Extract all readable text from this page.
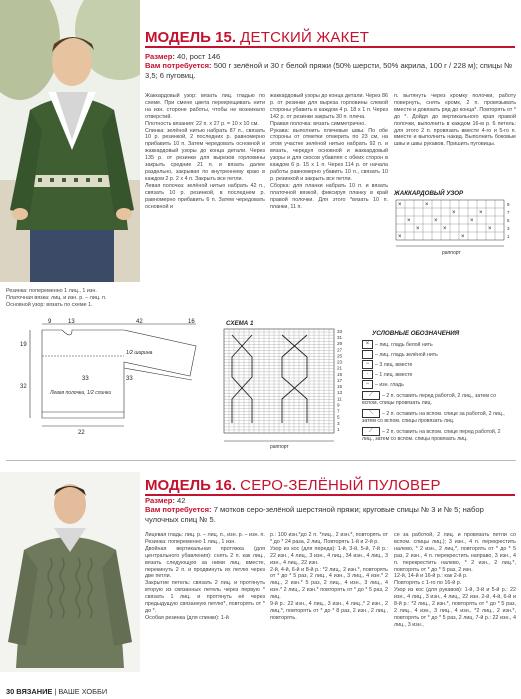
МОДЕЛЬ 15. ДЕТСКИЙ ЖАКЕТ
Размер: 40, рост 146
Вам потребуется: 500 г зелёной и 30 г белой пряжи (50% шерсти, 50% акрила, 100 г / 228 м); спицы № 3,5; 6 пуговиц.
Жаккардовый узор: вязать лиц. гладью по схеме. При смене цвета перекрещивать нити на изн. стороне работы, чтобы не возникало отверстий.
Плотность вязания: 22 п. х 27 р. = 10 х 10 см.
Спинка: зелёной нитью набрать 87 п., связать 10 р. резинкой, 2 последних р. равномерно прибавить 10 п. Затем чередовать основной и жаккардовый узоры до конца детали. Через 135 р. от резинки для вырезов горловины закрыть средние 21 п. и вязать далее раздельно, закрывая по внутреннему краю в каждом 2 р. 2 х 4 п. Закрыть все петли.
Левая полочка: зелёной нитью набрать 42 п., связать 10 р. резинкой, в последнем р. равномерно прибавить 6 п. Затем чередовать основной и
жаккардовый узоры до конца детали. Через 86 р. от резинки для выреза горловины слевой стороны убавить в каждом 4 р. 18 х 1 п. Через 142 р. от резинки закрыть 30 п. плеча.
Правая полочка: вязать симметрично.
Рукава: выполнить плечевые швы. По обе стороны от отметки отмерить по 23 см, на этом участке зелёной нитью набрать 92 п. и вязать, чередуя основной и жаккардовый узоры и для скосов убавляя с обеих сторон в каждом 6 р. 15 х 1 п. Через 114 р. от начала работы равномерно убавить 10 п., связать 10 р. резинкой и закрыть все петли.
Сборка: для планки набрать 10 п. и вязать платочной вязкой, фиксируя планку в край правой полочки. Для этого *вязать 10 п. планки, 11 п.
п. вытянуть через кромку полочки, работу повернуть, снять кромк, 2 п. провязывать вместе и довязать ряд до конца*. Повторять от * до *. Дойдя до вертикального края правой полочки, выполнить в каждом 16-м р. 6 петель: для этого 2 п. провязать вместе 4-го и 5-го п. вместе и выполнить накид. Выполнить боковые швы и швы рукавов. Пришить пуговицы.
Резинка: попеременно 1 лиц., 1 изн.
Платочная вязка: лиц. и изн. р. – лиц. п.
Основной узор: вязать по схеме 1.
ЖАККАРДОВЫЙ УЗОР
×	×
×	×
×	×	×
×	×	×
×	×
9
7
5
3
1
раппорт
9	13	42	16
19
32
1/2 ширина
33
33
22
Левая полочка, 1/2 спинки
СХЕМА 1
33
31
29
27
25
23
21
19
17
15
13
11
9
7
5
3
1
раппорт
УСЛОВНЫЕ ОБОЗНАЧЕНИЯ
× – лиц. гладь белой нить
– лиц. гладь зелёной нить
− – 3 лиц. вместе
· – 1 лиц. вместе
− – изн. гладь
⟋ – 2 п. оставить перед работой, 2 лиц., затем со вспом. спицы провязать лиц.
⟍ – 2 п. оставить на вспом. спице за работой, 2 лиц., затем со вспом. спицы провязать лиц.
⟋ – 2 п. оставить на вспом. спице перед работой, 2 лиц., затем со вспом. спицы провязать лиц.
МОДЕЛЬ 16. СЕРО-ЗЕЛЁНЫЙ ПУЛОВЕР
Размер: 42
Вам потребуется: 7 мотков серо-зелёной шерстяной пряжи; круговые спицы № 3 и № 5; набор чулочных спиц № 5.
Лицевая гладь: лиц. р. – лиц. п., изн. р. – изн. п.
Резинка: попеременно 1 лиц., 1 изн.
Двойная вертикальная протяжка (для центрального убавления): снять 2 п. как лиц., вязать следующую за ними лиц. вместе, перекинуть 2 п. и продвинуть их петлю через две петли.
Закрытие петель: связать 2 лиц. и протянуть вторую из связанных петель через первую * связать 1 лиц. и протянуть её через предыдущую связанную петлю*, повторять от * до *.
Особая резинка (для спинки): 1-й
р.: 100 изн.*до 2 п. *лиц., 2 изн.*, повторять от * до * 24 раза, 2 лиц. Повторять 1-й и 2-й р.
Узор из кос (для переда): 1-й, 3-й, 5-й, 7-й р.: 22 изн., 4 лиц., 3 изн., 4 лиц., 34 изн., 4 лиц., 3 изн., 4 лиц., 22 изн.
2-й, 4-й, 6-й и 8-й р.: *2 лиц., 2 изн.*, повторять от * до * 5 раз, 2 лиц., 4 изн., 3 лиц., 4 изн.* 2 лиц., 2 изн.* 5 раз, 2 лиц., 4 изн., 3 лиц., 4 изн.* 2 лиц., 2 изн.* повторять от * до * 5 раз, 2 лиц.
9-й р.: 22 изн., 4 лиц., 3 изн., 4 лиц.,* 2 изн., 2 лиц.*, повторять от * до * 8 раз, 2 изн., 2 лиц., повторять.
се за работой, 2 лиц. и провязать петли со вспом. спицы лиц.); 3 изн., 4 п. перекрестить налево, * 2 изн., 2 лиц.*, повторять от * до * 5 раз, 2 изн., 4 п. перекрестить направо, 3 изн., 4 п. перекрестить налево, * 2 изн., 2 лиц.*, повторять от * до * 5 раз, 2 изн.
12-й, 14-й и 16-й р.: как 2-й р.
Повторять с 1-го по 16-й р.
Узор из кос (для рукавов): 1-й, 3-й и 5-й р.: 22 изн., 4 лиц., 3 изн., 4 лиц., 22 изн. 2-й, 4-й, 6-й и 8-й р.: *2 лиц., 2 изн.*, повторять от * до * 5 раз, 2 лиц., 4 изн., 3 лиц., 4 изн., *2 лиц., 2 изн.*, повторять от * до * 5 раз, 2 лиц. 7-й р.: 22 изн., 4 лиц., 3 изн.,
30 ВЯЗАНИЕ | ВАШЕ ХОББИ
